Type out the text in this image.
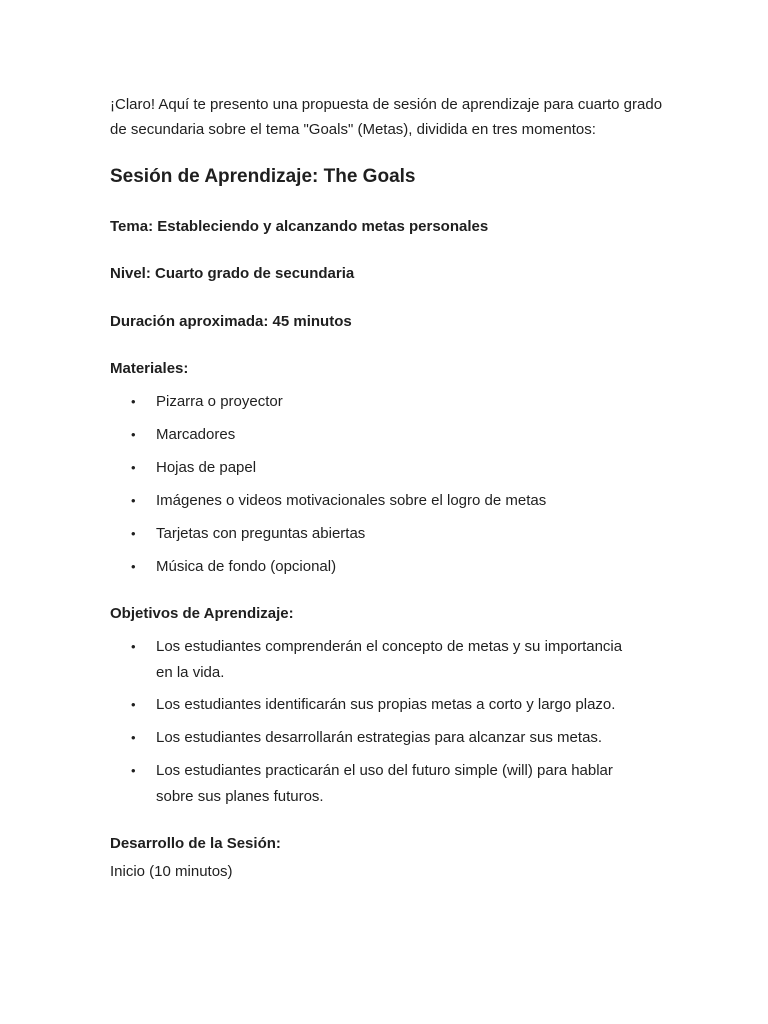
¡Claro! Aquí te presento una propuesta de sesión de aprendizaje para cuarto grado de secundaria sobre el tema "Goals" (Metas), dividida en tres momentos:

Sesión de Aprendizaje: The Goals

Tema: Estableciendo y alcanzando metas personales

Nivel: Cuarto grado de secundaria

Duración aproximada: 45 minutos

Materiales:

• Pizarra o proyector
• Marcadores
• Hojas de papel
• Imágenes o videos motivacionales sobre el logro de metas
• Tarjetas con preguntas abiertas
• Música de fondo (opcional)

Objetivos de Aprendizaje:

• Los estudiantes comprenderán el concepto de metas y su importancia en la vida.
• Los estudiantes identificarán sus propias metas a corto y largo plazo.
• Los estudiantes desarrollarán estrategias para alcanzar sus metas.
• Los estudiantes practicarán el uso del futuro simple (will) para hablar sobre sus planes futuros.

Desarrollo de la Sesión:

Inicio (10 minutos)
